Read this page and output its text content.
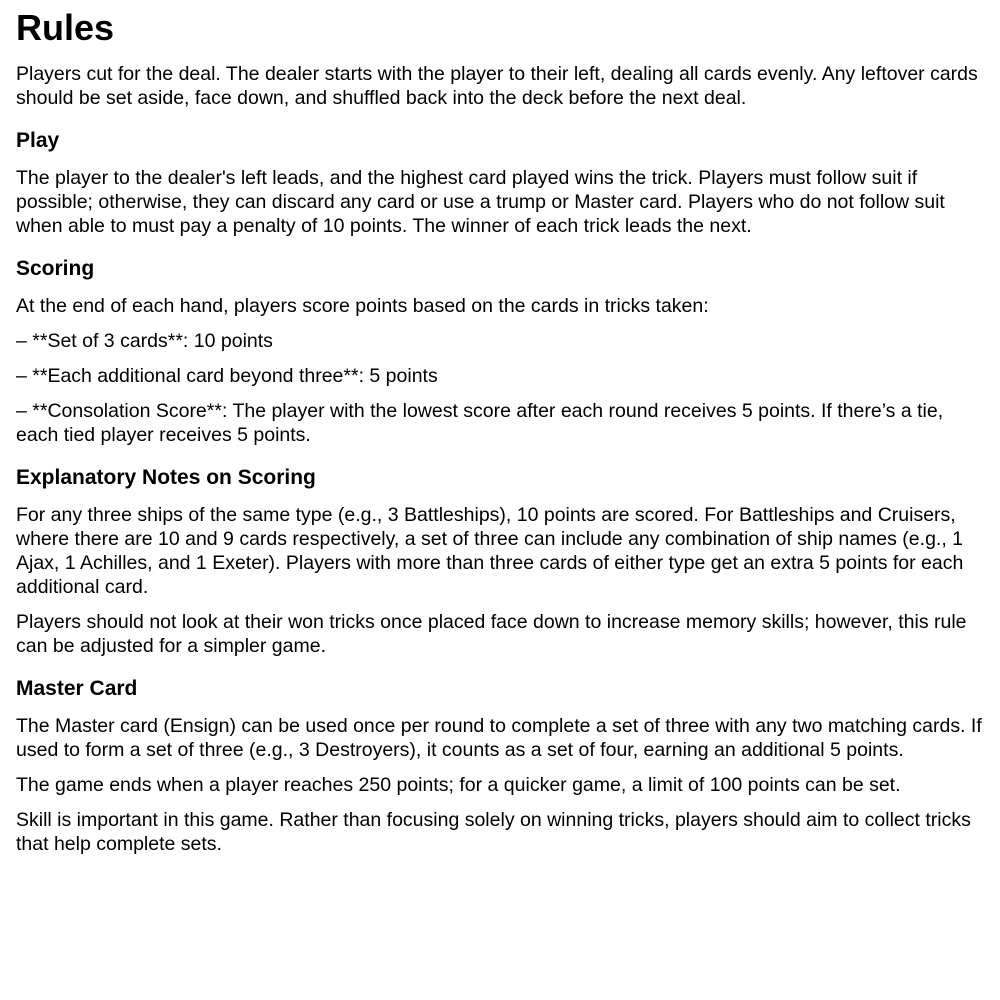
Rules

Players cut for the deal. The dealer starts with the player to their left, dealing all cards evenly. Any leftover cards should be set aside, face down, and shuffled back into the deck before the next deal.

Play

The player to the dealer's left leads, and the highest card played wins the trick. Players must follow suit if possible; otherwise, they can discard any card or use a trump or Master card. Players who do not follow suit when able to must pay a penalty of 10 points. The winner of each trick leads the next.

Scoring

At the end of each hand, players score points based on the cards in tricks taken:

– **Set of 3 cards**: 10 points

– **Each additional card beyond three**: 5 points

– **Consolation Score**: The player with the lowest score after each round receives 5 points. If there’s a tie, each tied player receives 5 points.

Explanatory Notes on Scoring

For any three ships of the same type (e.g., 3 Battleships), 10 points are scored. For Battleships and Cruisers, where there are 10 and 9 cards respectively, a set of three can include any combination of ship names (e.g., 1 Ajax, 1 Achilles, and 1 Exeter). Players with more than three cards of either type get an extra 5 points for each additional card.

Players should not look at their won tricks once placed face down to increase memory skills; however, this rule can be adjusted for a simpler game.

Master Card

The Master card (Ensign) can be used once per round to complete a set of three with any two matching cards. If used to form a set of three (e.g., 3 Destroyers), it counts as a set of four, earning an additional 5 points.

The game ends when a player reaches 250 points; for a quicker game, a limit of 100 points can be set.

Skill is important in this game. Rather than focusing solely on winning tricks, players should aim to collect tricks that help complete sets.
